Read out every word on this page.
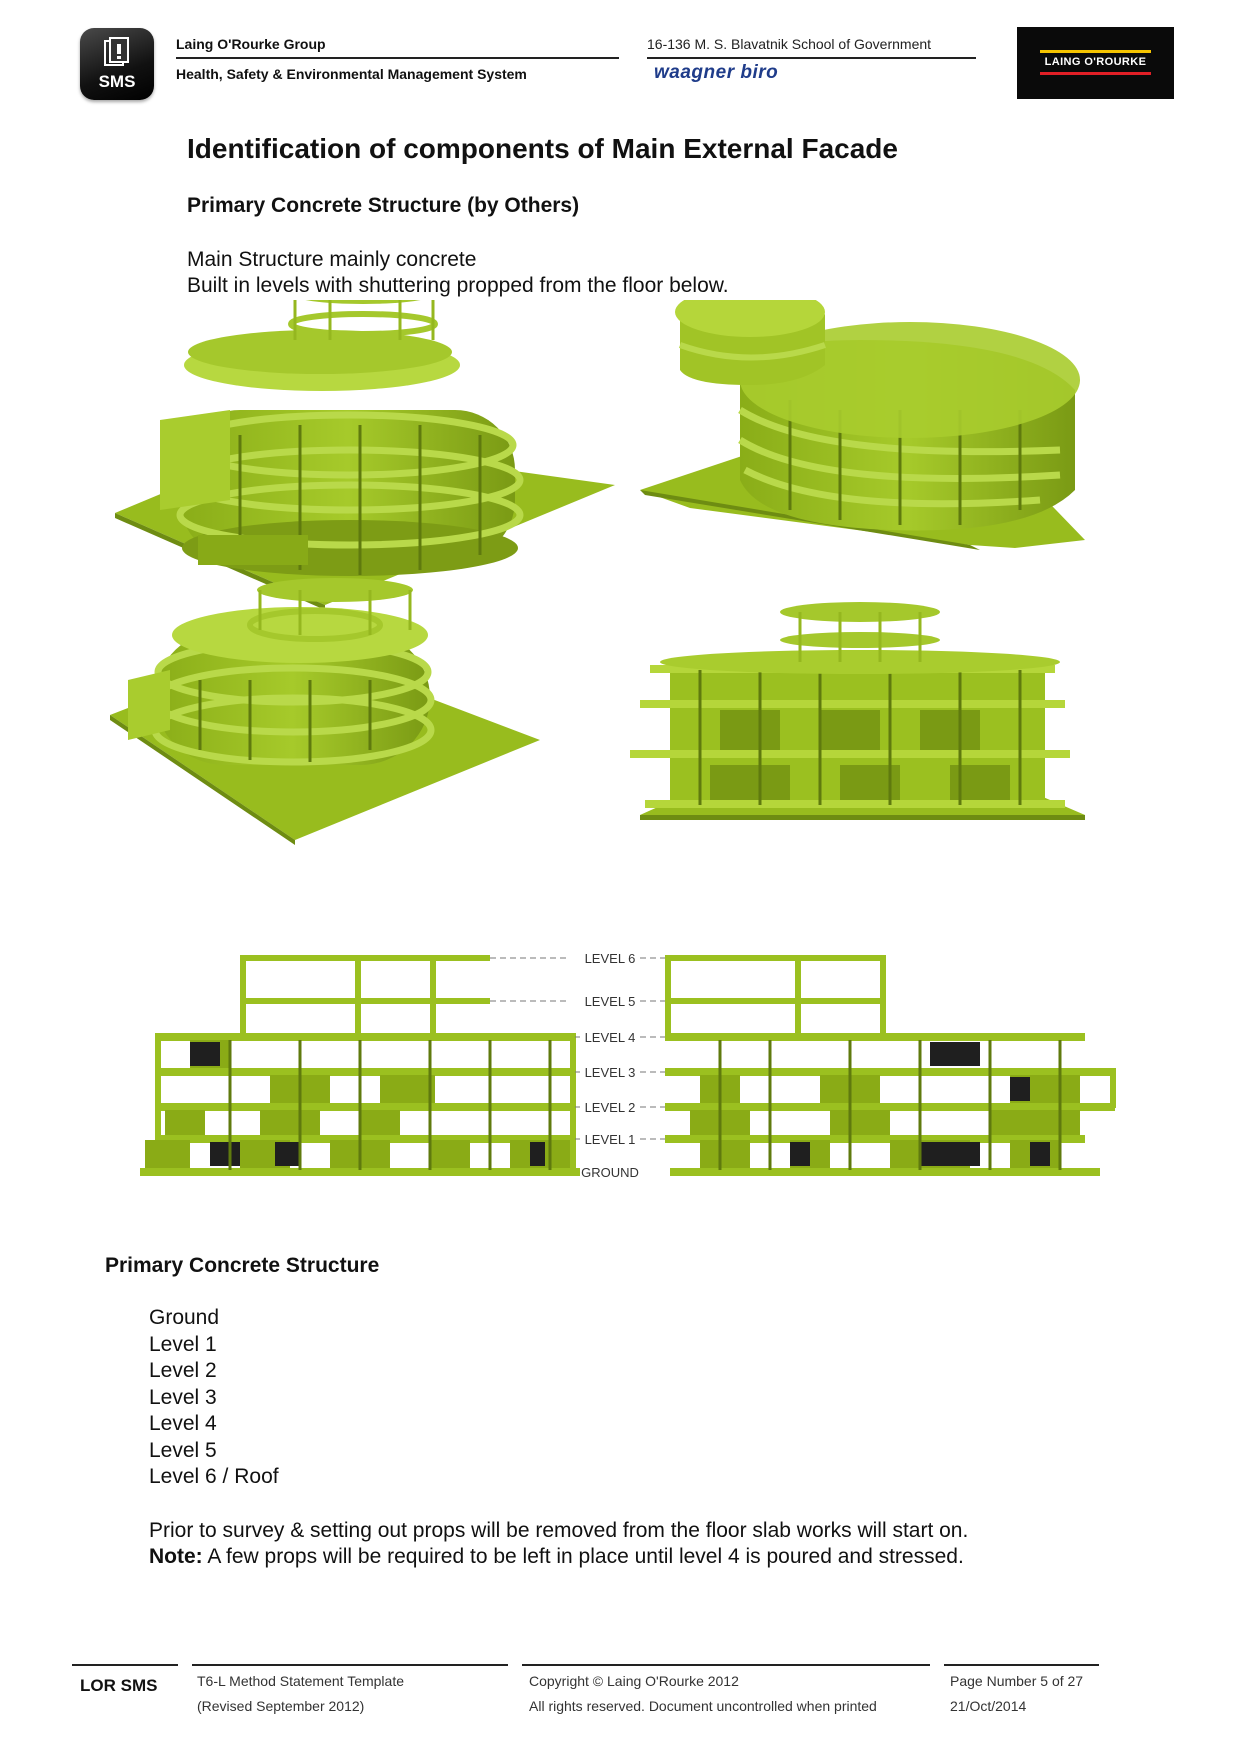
SMS
Laing O'Rourke Group
Health, Safety & Environmental Management System
16-136 M. S. Blavatnik School of Government
waagner biro	LAING O'ROURKE
Identification of components of Main External Facade
Primary Concrete Structure (by Others)
Main Structure mainly concrete
Built in levels with shuttering propped from the floor below.
LEVEL 6
LEVEL 5
LEVEL 4
LEVEL 3
LEVEL 2
LEVEL 1
GROUND
Primary Concrete Structure
Ground
Level 1
Level 2
Level 3
Level 4
Level 5
Level 6 / Roof
Prior to survey & setting out props will be removed from the floor slab works will start on.
Note: A few props will be required to be left in place until level 4 is poured and stressed.
LOR SMS	T6-L Method Statement Template
(Revised September 2012)
Copyright © Laing O'Rourke 2012
All rights reserved. Document uncontrolled when printed
Page Number 5 of 27
21/Oct/2014
